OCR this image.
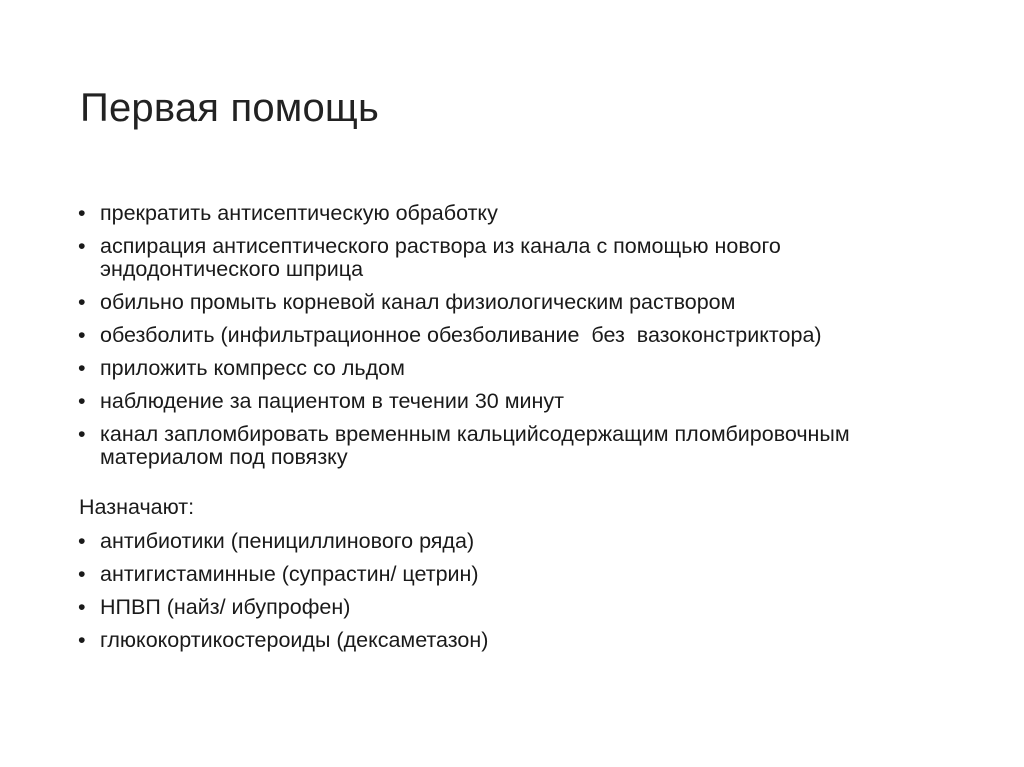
Первая помощь
• прекратить антисептическую обработку
• аспирация антисептического раствора из канала с помощью нового эндодонтического шприца
• обильно промыть корневой канал физиологическим раствором
• обезболить (инфильтрационное обезболивание  без  вазоконстриктора)
• приложить компресс со льдом
• наблюдение за пациентом в течении 30 минут
• канал запломбировать временным кальцийсодержащим пломбировочным материалом под повязку
Назначают:
• антибиотики (пенициллинового ряда)
• антигистаминные (супрастин/ цетрин)
• НПВП (найз/ ибупрофен)
• глюкокортикостероиды (дексаметазон)
